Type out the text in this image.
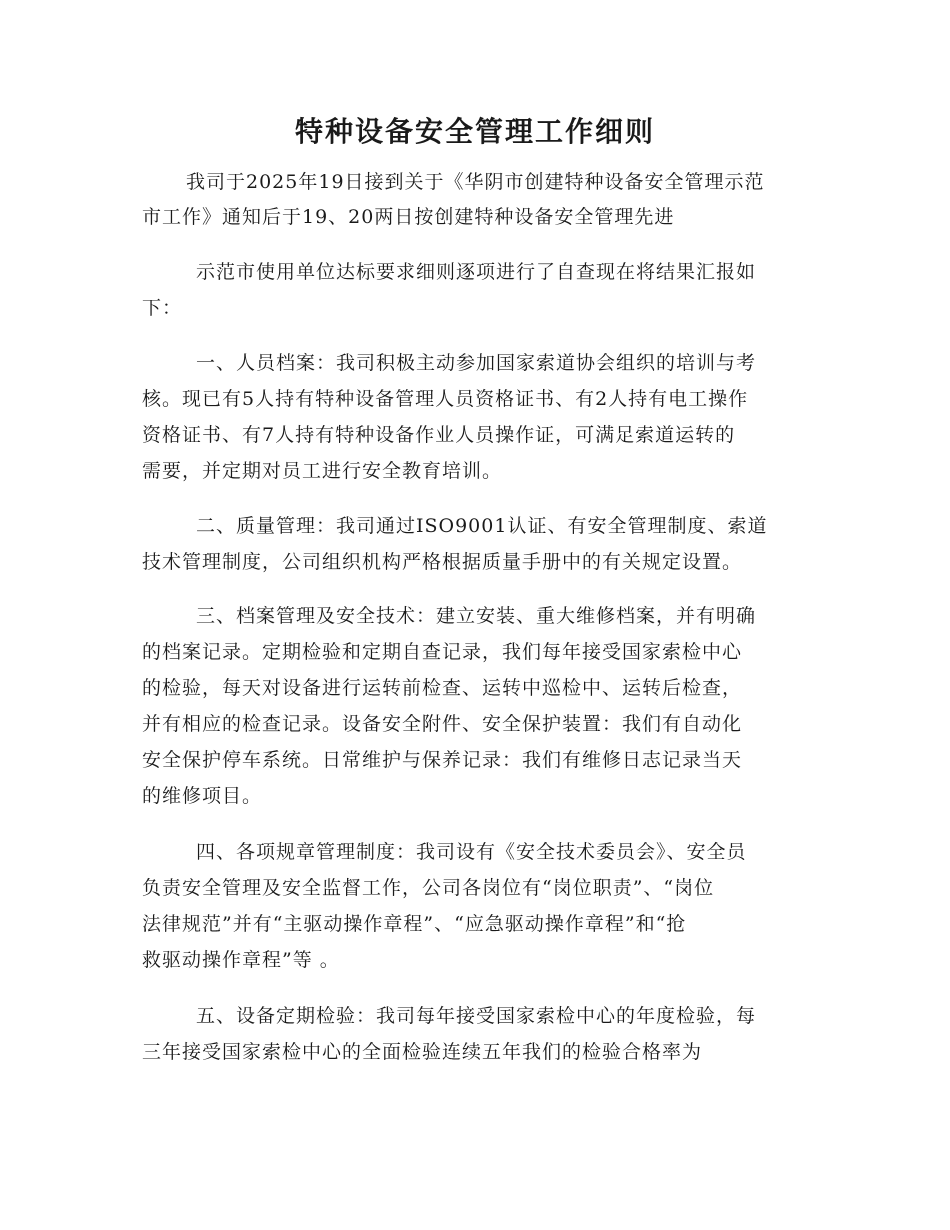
特种设备安全管理工作细则
我司于2025年19日接到关于《华阴市创建特种设备安全管理示范
市工作》通知后于19、20两日按创建特种设备安全管理先进
示范市使用单位达标要求细则逐项进行了自查现在将结果汇报如
下：
一、人员档案：我司积极主动参加国家索道协会组织的培训与考
核。现已有5人持有特种设备管理人员资格证书、有2人持有电工操作
资格证书、有7人持有特种设备作业人员操作证，可满足索道运转的
需要，并定期对员工进行安全教育培训。
二、质量管理：我司通过ISO9001认证、有安全管理制度、索道
技术管理制度，公司组织机构严格根据质量手册中的有关规定设置。
三、档案管理及安全技术：建立安装、重大维修档案，并有明确
的档案记录。定期检验和定期自查记录，我们每年接受国家索检中心
的检验，每天对设备进行运转前检查、运转中巡检中、运转后检查，
并有相应的检查记录。设备安全附件、安全保护装置：我们有自动化
安全保护停车系统。日常维护与保养记录：我们有维修日志记录当天
的维修项目。
四、各项规章管理制度：我司设有《安全技术委员会》、安全员
负责安全管理及安全监督工作，公司各岗位有“岗位职责”、“岗位
法律规范”并有“主驱动操作章程”、“应急驱动操作章程”和“抢
救驱动操作章程”等 。
五、设备定期检验：我司每年接受国家索检中心的年度检验，每
三年接受国家索检中心的全面检验连续五年我们的检验合格率为
